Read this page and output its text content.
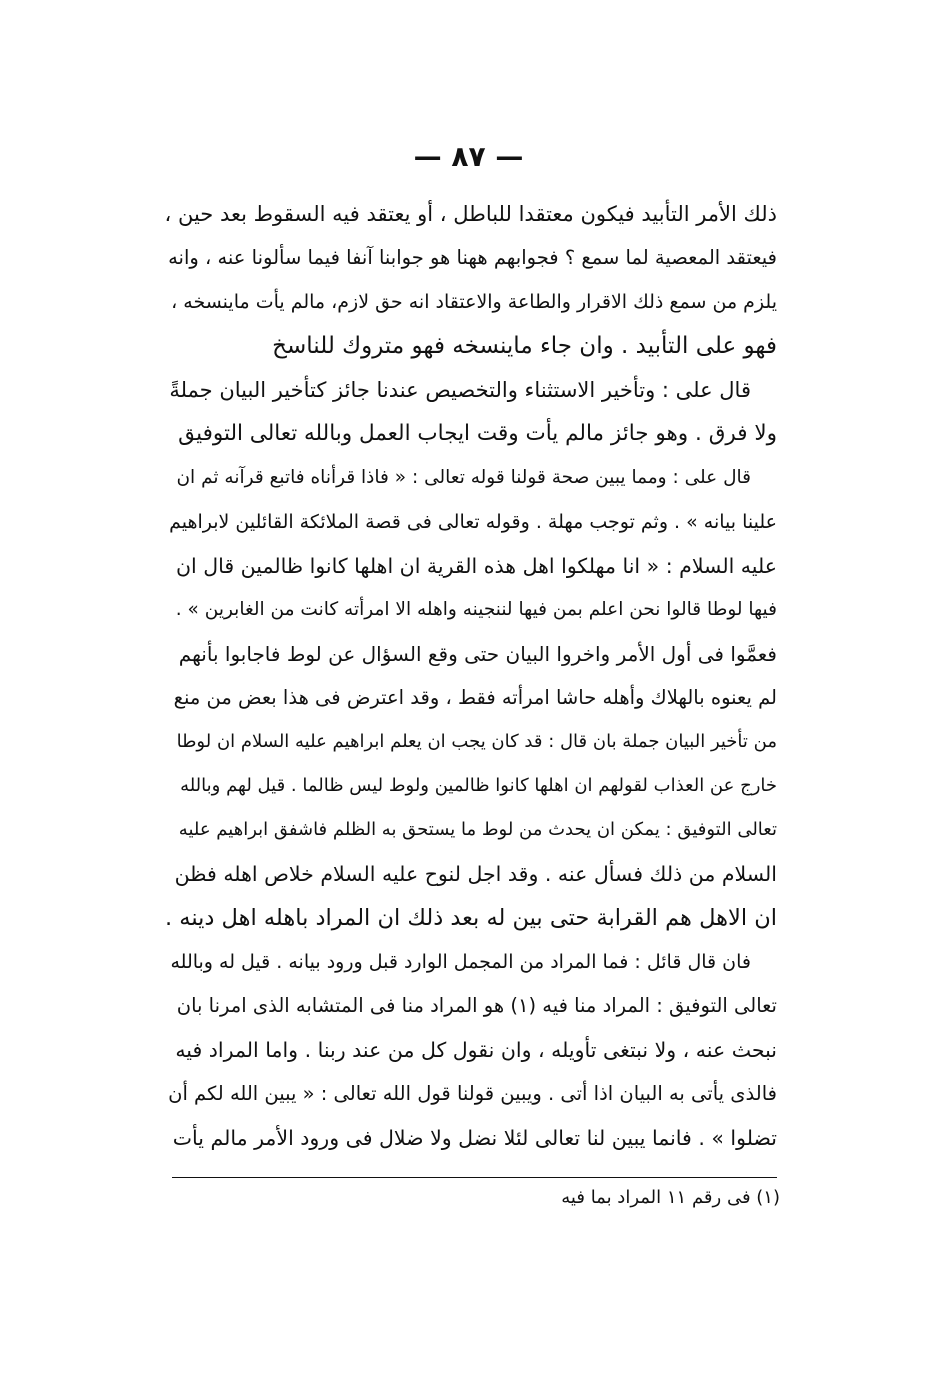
— ٨٧ —
ذلك الأمر التأبيد فيكون معتقدا للباطل ، أو يعتقد فيه السقوط بعد حين ،
فيعتقد المعصية لما سمع ؟ فجوابهم ههنا هو جوابنا آنفا فيما سألونا عنه ، وانه
يلزم من سمع ذلك الاقرار والطاعة والاعتقاد انه حق لازم، مالم يأت ماينسخه ،
فهو على التأبيد . وان جاء ماينسخه فهو متروك للناسخ
قال على : وتأخير الاستثناء والتخصيص عندنا جائز كتأخير البيان جملةً
ولا فرق . وهو جائز مالم يأت وقت ايجاب العمل وبالله تعالى التوفيق
قال على : ومما يبين صحة قولنا قوله تعالى : « فاذا قرأناه فاتبع قرآنه ثم ان
علينا بيانه » . وثم توجب مهلة . وقوله تعالى فى قصة الملائكة القائلين لابراهيم
عليه السلام : « انا مهلكوا اهل هذه القرية ان اهلها كانوا ظالمين قال ان
فيها لوطا قالوا نحن اعلم بمن فيها لننجينه واهله الا امرأته كانت من الغابرين » .
فعمَّوا فى أول الأمر واخروا البيان حتى وقع السؤال عن لوط فاجابوا بأنهم
لم يعنوه بالهلاك وأهله حاشا امرأته فقط ، وقد اعترض فى هذا بعض من منع
من تأخير البيان جملة بان قال : قد كان يجب ان يعلم ابراهيم عليه السلام ان لوطا
خارج عن العذاب لقولهم ان اهلها كانوا ظالمين ولوط ليس ظالما . قيل لهم وبالله
تعالى التوفيق : يمكن ان يحدث من لوط ما يستحق به الظلم فاشفق ابراهيم عليه
السلام من ذلك فسأل عنه . وقد اجل لنوح عليه السلام خلاص اهله فظن
ان الاهل هم القرابة حتى بين له بعد ذلك ان المراد باهله اهل دينه .
فان قال قائل : فما المراد من المجمل الوارد قبل ورود بيانه . قيل له وبالله
تعالى التوفيق : المراد منا فيه (١) هو المراد منا فى المتشابه الذى امرنا بان
نبحث عنه ، ولا نبتغى تأويله ، وان نقول كل من عند ربنا . واما المراد فيه
فالذى يأتى به البيان اذا أتى . ويبين قولنا قول الله تعالى : « يبين الله لكم أن
تضلوا » . فانما يبين لنا تعالى لئلا نضل ولا ضلال فى ورود الأمر مالم يأت
(١) فى رقم ١١ المراد بما فيه
